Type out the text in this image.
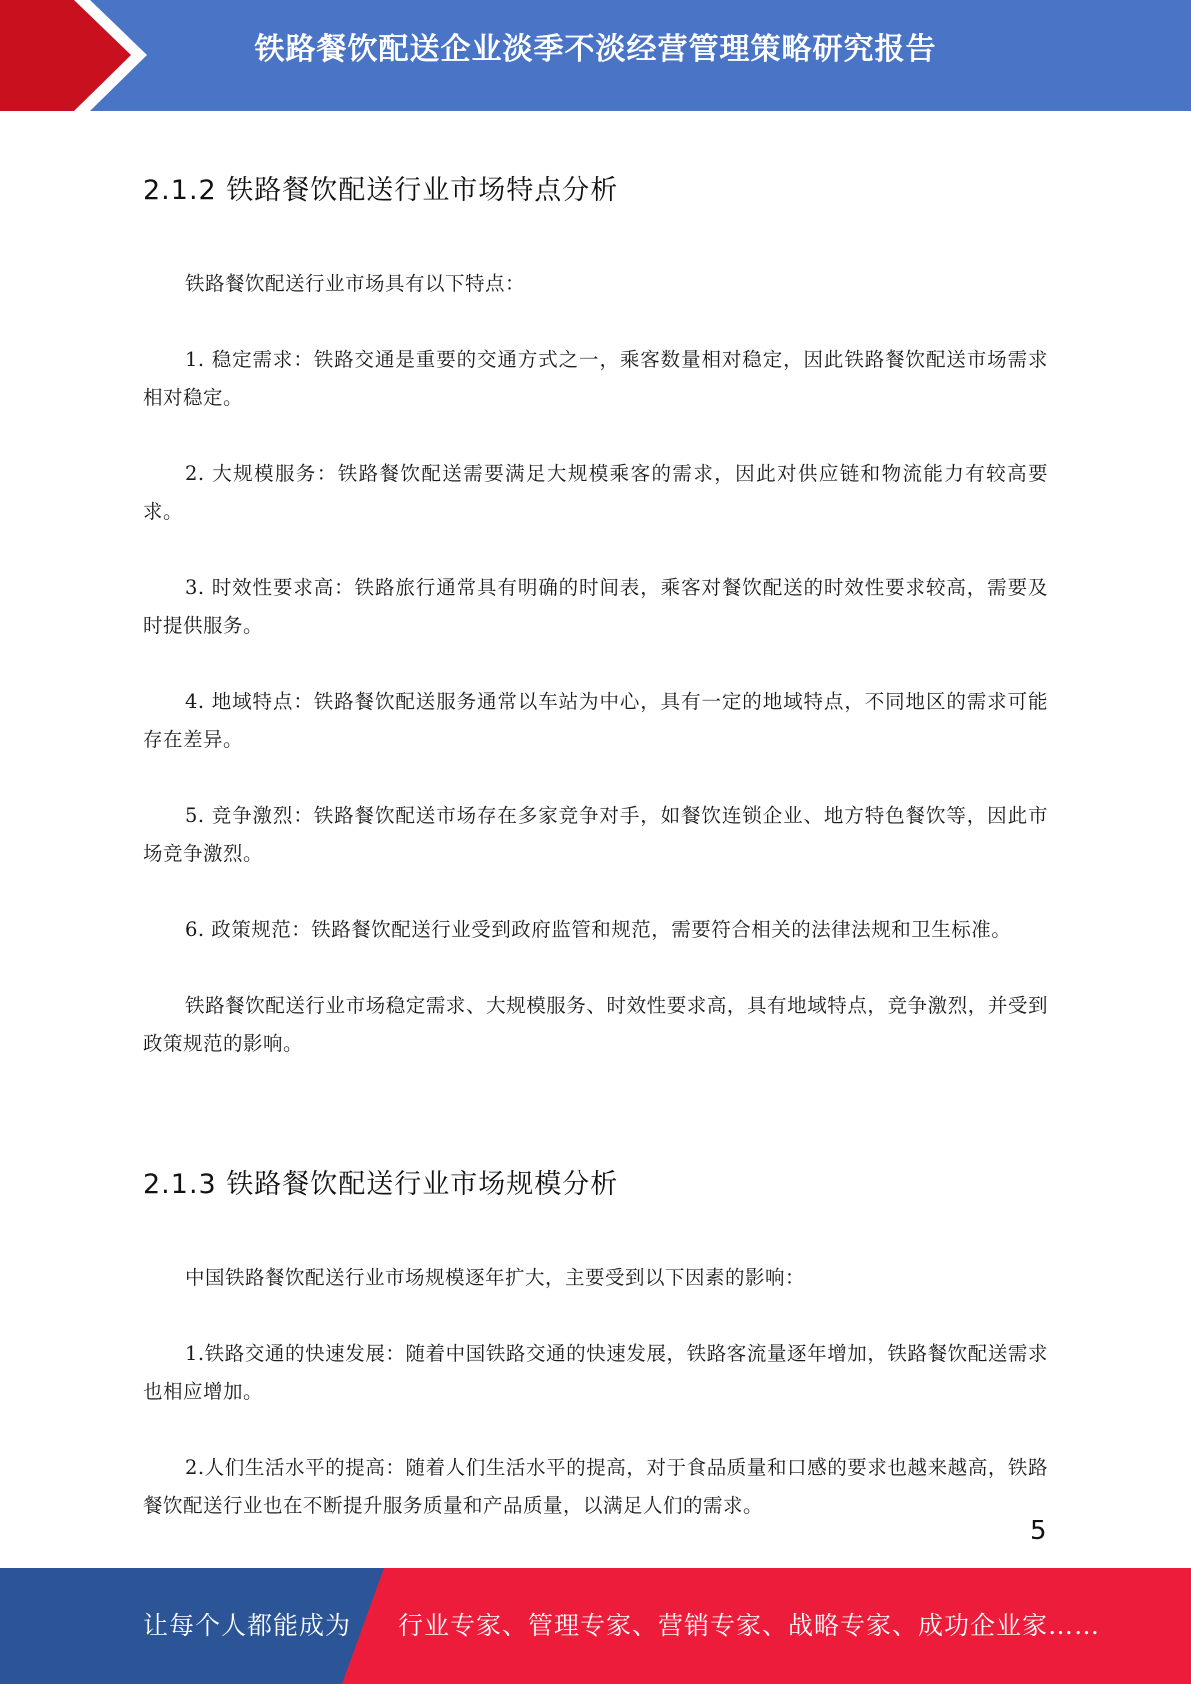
铁路餐饮配送企业淡季不淡经营管理策略研究报告
2.1.2 铁路餐饮配送行业市场特点分析

铁路餐饮配送行业市场具有以下特点：

1. 稳定需求：铁路交通是重要的交通方式之一，乘客数量相对稳定，因此铁路餐饮配送市场需求相对稳定。

2. 大规模服务：铁路餐饮配送需要满足大规模乘客的需求，因此对供应链和物流能力有较高要求。

3. 时效性要求高：铁路旅行通常具有明确的时间表，乘客对餐饮配送的时效性要求较高，需要及时提供服务。

4. 地域特点：铁路餐饮配送服务通常以车站为中心，具有一定的地域特点，不同地区的需求可能存在差异。

5. 竞争激烈：铁路餐饮配送市场存在多家竞争对手，如餐饮连锁企业、地方特色餐饮等，因此市场竞争激烈。

6. 政策规范：铁路餐饮配送行业受到政府监管和规范，需要符合相关的法律法规和卫生标准。

铁路餐饮配送行业市场稳定需求、大规模服务、时效性要求高，具有地域特点，竞争激烈，并受到政策规范的影响。

2.1.3 铁路餐饮配送行业市场规模分析

中国铁路餐饮配送行业市场规模逐年扩大，主要受到以下因素的影响：

1.铁路交通的快速发展：随着中国铁路交通的快速发展，铁路客流量逐年增加，铁路餐饮配送需求也相应增加。

2.人们生活水平的提高：随着人们生活水平的提高，对于食品质量和口感的要求也越来越高，铁路餐饮配送行业也在不断提升服务质量和产品质量，以满足人们的需求。

5
让每个人都能成为 行业专家、管理专家、营销专家、战略专家、成功企业家……
